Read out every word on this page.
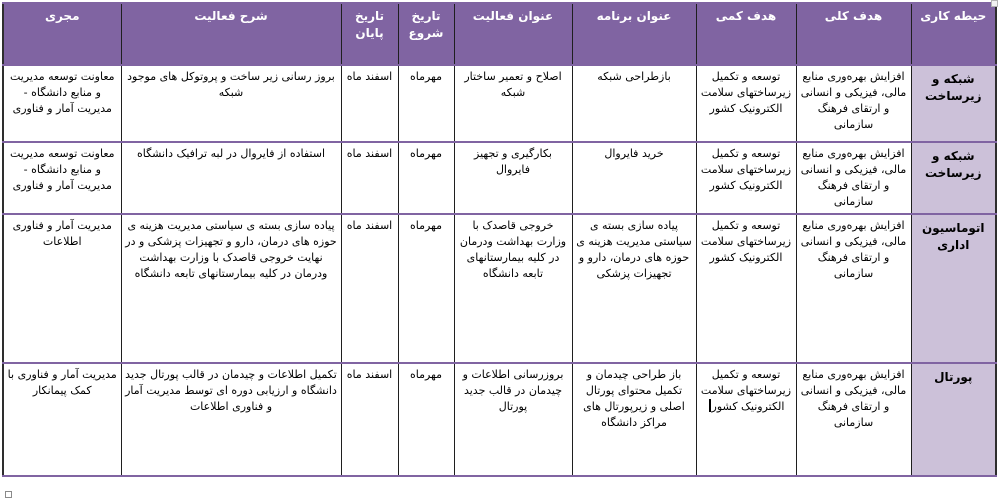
حیطه کاری	هدف کلی	هدف کمی	عنوان برنامه	عنوان فعالیت	تاریخ شروع	تاریخ پایان	شرح فعالیت	مجری
شبکه و زیرساخت	افزایش بهره‌وری منابع مالی، فیزیکی و انسانی و ارتقای فرهنگ سازمانی	توسعه و تکمیل زیرساختهای سلامت الکترونیک کشور	بازطراحی شبکه	اصلاح و تعمیر ساختار شبکه	مهرماه	اسفند ماه	بروز رسانی زیر ساخت و پروتوکل های موجود شبکه	معاونت توسعه مدیریت و منابع دانشگاه - مدیریت آمار و فناوری
شبکه و زیرساخت	افزایش بهره‌وری منابع مالی، فیزیکی و انسانی و ارتقای فرهنگ سازمانی	توسعه و تکمیل زیرساختهای سلامت الکترونیک کشور	خرید فایروال	بکارگیری و تجهیز فایروال	مهرماه	اسفند ماه	استفاده از فایروال در لبه ترافیک دانشگاه	معاونت توسعه مدیریت و منابع دانشگاه - مدیریت آمار و فناوری
اتوماسیون اداری	افزایش بهره‌وری منابع مالی، فیزیکی و انسانی و ارتقای فرهنگ سازمانی	توسعه و تکمیل زیرساختهای سلامت الکترونیک کشور	پیاده سازی بسته ی سیاستی مدیریت هزینه ی حوزه های درمان، دارو و تجهیزات پزشکی	خروجی قاصدک با وزارت بهداشت ودرمان در کلیه بیمارستانهای تابعه دانشگاه	مهرماه	اسفند ماه	پیاده سازی بسته ی سیاستی مدیریت هزینه ی حوزه های درمان، دارو و تجهیزات پزشکی و در نهایت خروجی قاصدک با وزارت بهداشت ودرمان در کلیه بیمارستانهای تابعه دانشگاه	مدیریت آمار و فناوری اطلاعات
پورتال	افزایش بهره‌وری منابع مالی، فیزیکی و انسانی و ارتقای فرهنگ سازمانی	توسعه و تکمیل زیرساختهای سلامت الکترونیک کشور	باز طراحی چیدمان و تکمیل محتوای پورتال اصلی و زیرپورتال های مراکز دانشگاه	بروزرسانی اطلاعات و چیدمان در قالب جدید پورتال	مهرماه	اسفند ماه	تکمیل اطلاعات و چیدمان در قالب پورتال جدید دانشگاه و ارزیابی دوره ای توسط مدیریت آمار و فناوری اطلاعات	مدیریت آمار و فناوری با کمک پیمانکار
